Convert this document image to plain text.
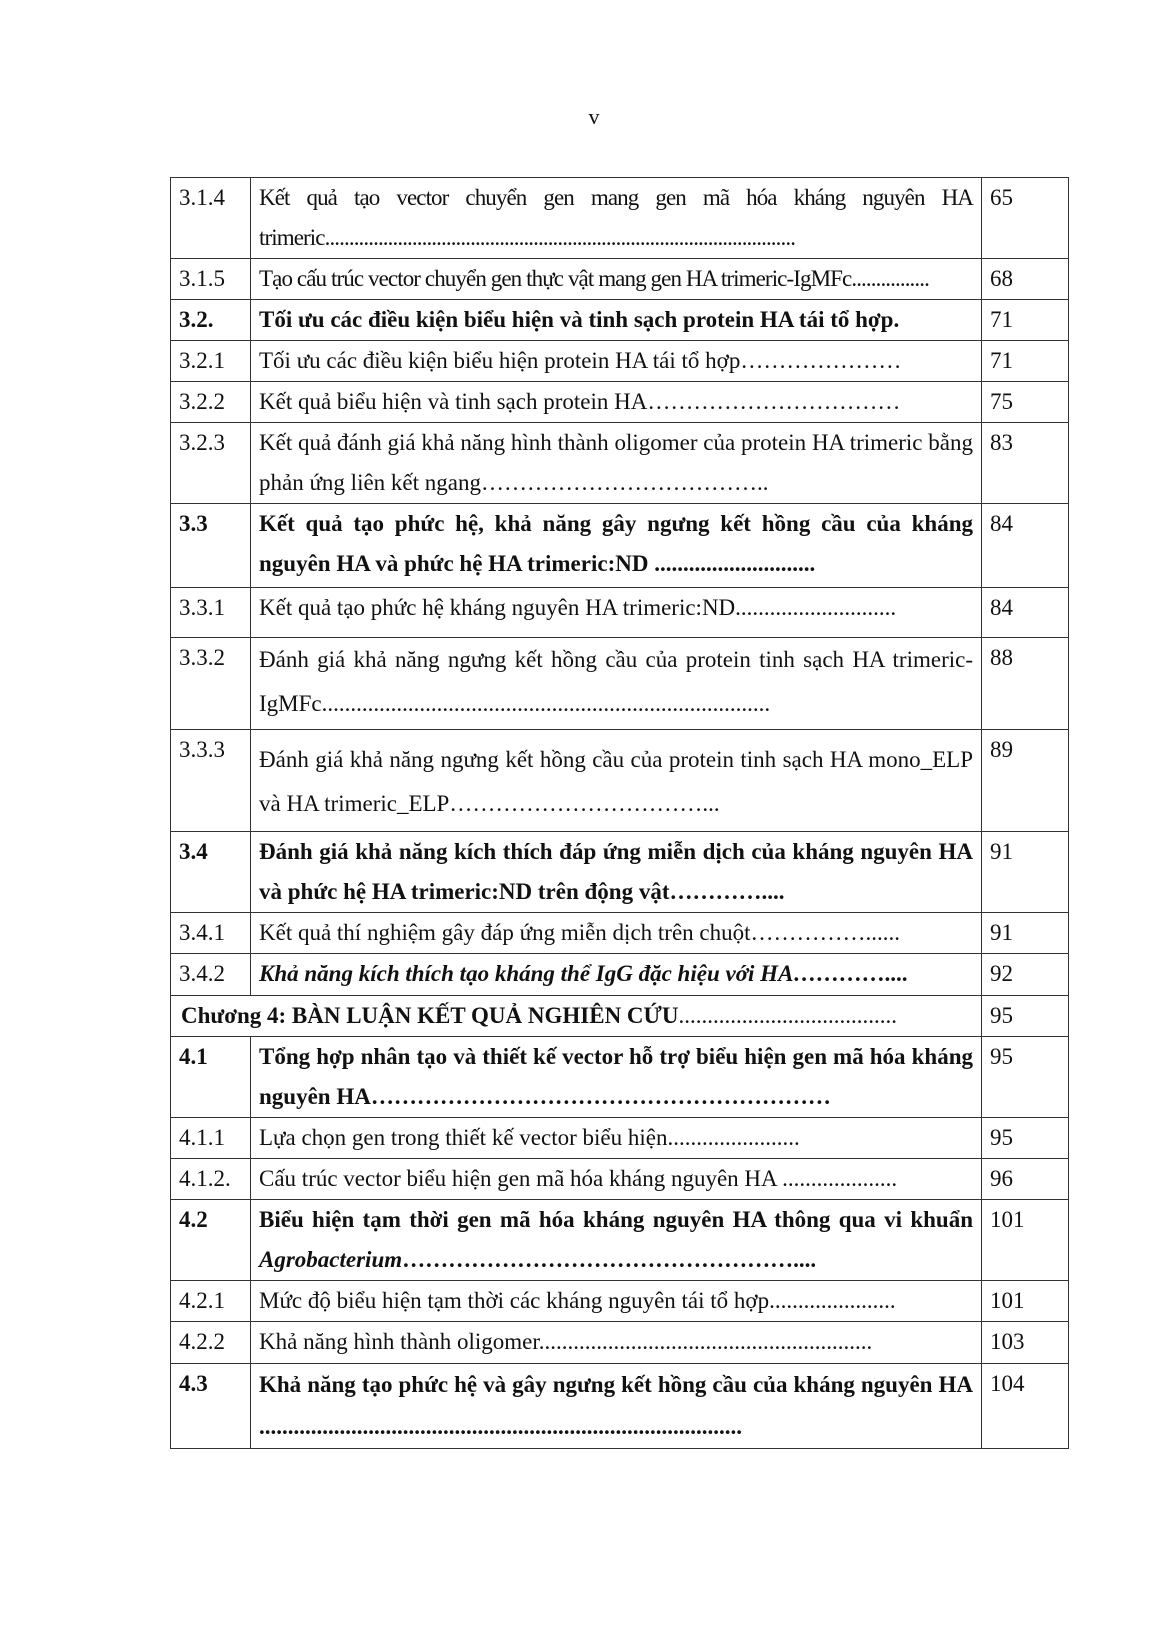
v
3.1.4	Kết quả tạo vector chuyển gen mang gen mã hóa kháng nguyên HA trimeric.................................................................................................	65
3.1.5	Tạo cấu trúc vector chuyển gen thực vật mang gen HA trimeric-IgMFc................	68
3.2.	Tối ưu các điều kiện biểu hiện và tinh sạch protein HA tái tổ hợp.	71
3.2.1	Tối ưu các điều kiện biểu hiện protein HA tái tổ hợp…………………	71
3.2.2	Kết quả biểu hiện và tinh sạch protein HA……………………………	75
3.2.3	Kết quả đánh giá khả năng hình thành oligomer của protein HA trimeric bằng phản ứng liên kết ngang………………………………..	83
3.3	Kết quả tạo phức hệ, khả năng gây ngưng kết hồng cầu của kháng nguyên HA và phức hệ HA trimeric:ND ............................	84
3.3.1	Kết quả tạo phức hệ kháng nguyên HA trimeric:ND............................	84
3.3.2	Đánh giá khả năng ngưng kết hồng cầu của protein tinh sạch HA trimeric-IgMFc..............................................................................	88
3.3.3	Đánh giá khả năng ngưng kết hồng cầu của protein tinh sạch HA mono_ELP và HA trimeric_ELP……………………………...	89
3.4	Đánh giá khả năng kích thích đáp ứng miễn dịch của kháng nguyên HA và phức hệ HA trimeric:ND trên động vật…………....	91
3.4.1	Kết quả thí nghiệm gây đáp ứng miễn dịch trên chuột……………......	91
3.4.2	Khả năng kích thích tạo kháng thể IgG đặc hiệu với HA…………....	92
Chương 4: BÀN LUẬN KẾT QUẢ NGHIÊN CỨU......................................		95
4.1	Tổng hợp nhân tạo và thiết kế vector hỗ trợ biểu hiện gen mã hóa kháng nguyên HA……………………………………………………	95
4.1.1	Lựa chọn gen trong thiết kế vector biểu hiện.......................	95
4.1.2.	Cấu trúc vector biểu hiện gen mã hóa kháng nguyên HA ....................	96
4.2	Biểu hiện tạm thời gen mã hóa kháng nguyên HA thông qua vi khuẩn Agrobacterium……………………………………………....	101
4.2.1	Mức độ biểu hiện tạm thời các kháng nguyên tái tổ hợp......................	101
4.2.2	Khả năng hình thành oligomer..........................................................	103
4.3	Khả năng tạo phức hệ và gây ngưng kết hồng cầu của kháng nguyên HA ....................................................................................	104
